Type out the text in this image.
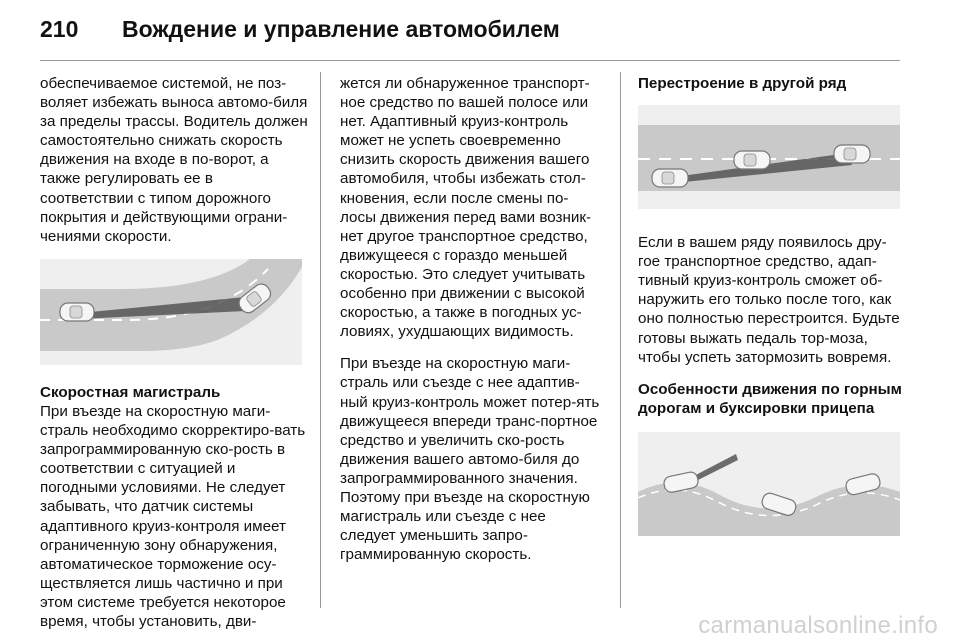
210 Вождение и управление автомобилем

обеспечиваемое системой, не поз-воляет избежать выноса автомо-биля за пределы трассы. Водитель должен самостоятельно снижать скорость движения на входе в по-ворот, а также регулировать ее в соответствии с типом дорожного покрытия и действующими ограни-чениями скорости.

Скоростная магистраль

При въезде на скоростную маги-страль необходимо скорректиро-вать запрограммированную ско-рость в соответствии с ситуацией и погодными условиями. Не следует забывать, что датчик системы адаптивного круиз-контроля имеет ограниченную зону обнаружения, автоматическое торможение осу-ществляется лишь частично и при этом системе требуется некоторое время, чтобы установить, дви-

жется ли обнаруженное транспорт-ное средство по вашей полосе или нет. Адаптивный круиз-контроль может не успеть своевременно снизить скорость движения вашего автомобиля, чтобы избежать стол-кновения, если после смены по-лосы движения перед вами возник-нет другое транспортное средство, движущееся с гораздо меньшей скоростью. Это следует учитывать особенно при движении с высокой скоростью, а также в погодных ус-ловиях, ухудшающих видимость.

При въезде на скоростную маги-страль или съезде с нее адаптив-ный круиз-контроль может потер-ять движущееся впереди транс-портное средство и увеличить ско-рость движения вашего автомо-биля до запрограммированного значения. Поэтому при въезде на скоростную магистраль или съезде с нее следует уменьшить запро-граммированную скорость.

Перестроение в другой ряд

Если в вашем ряду появилось дру-гое транспортное средство, адап-тивный круиз-контроль сможет об-наружить его только после того, как оно полностью перестроится. Будьте готовы выжать педаль тор-моза, чтобы успеть затормозить вовремя.

Особенности движения по горным дорогам и буксировки прицепа
carmanualsonline.info
